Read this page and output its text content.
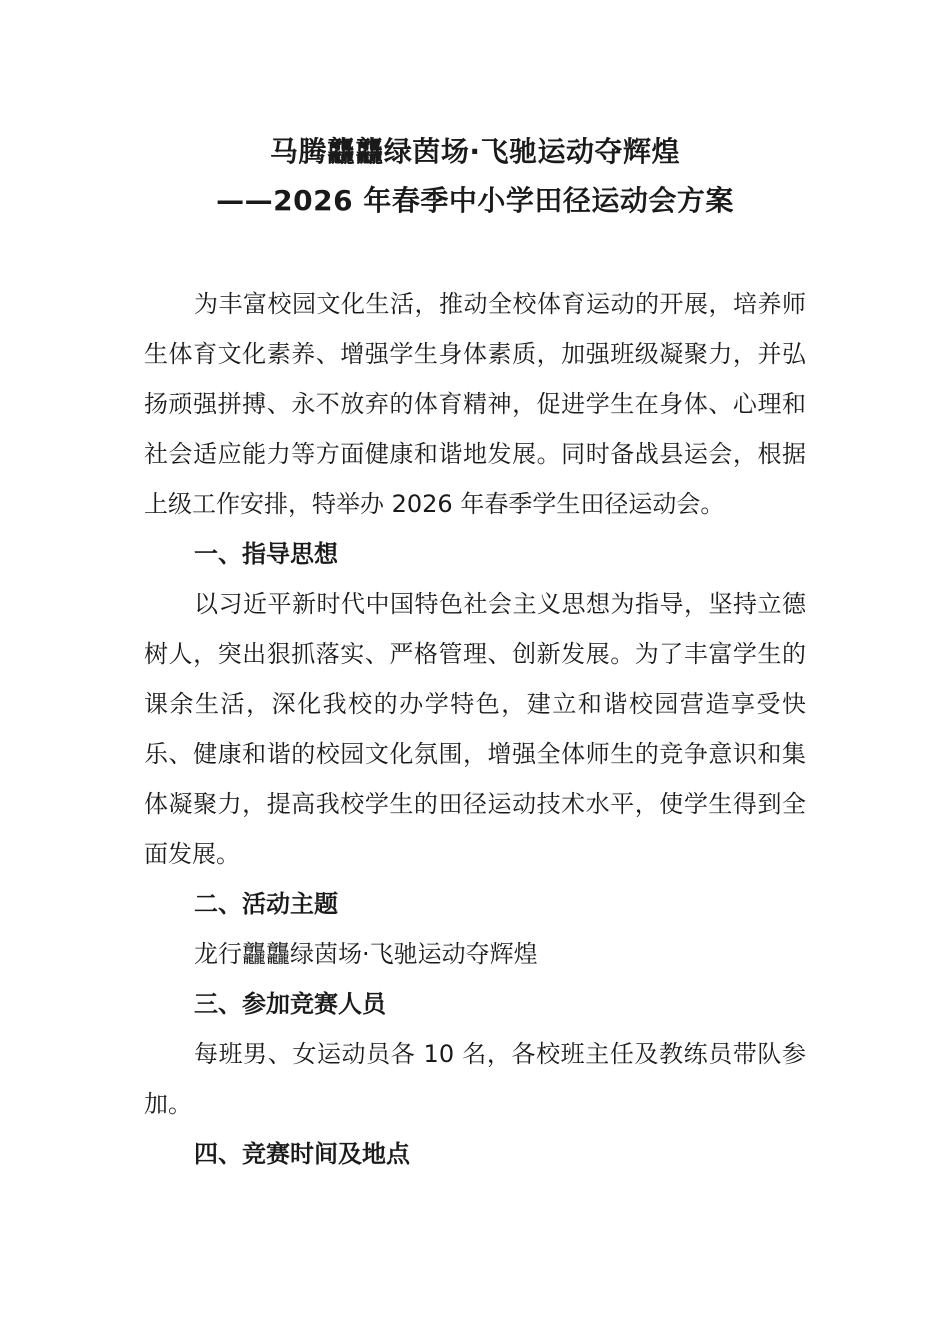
马腾龘龘绿茵场·飞驰运动夺辉煌
——2026 年春季中小学田径运动会方案

为丰富校园文化生活，推动全校体育运动的开展，培养师生体育文化素养、增强学生身体素质，加强班级凝聚力，并弘扬顽强拼搏、永不放弃的体育精神，促进学生在身体、心理和社会适应能力等方面健康和谐地发展。同时备战县运会，根据上级工作安排，特举办 2026 年春季学生田径运动会。

一、指导思想

以习近平新时代中国特色社会主义思想为指导，坚持立德树人，突出狠抓落实、严格管理、创新发展。为了丰富学生的课余生活，深化我校的办学特色，建立和谐校园营造享受快乐、健康和谐的校园文化氛围，增强全体师生的竞争意识和集体凝聚力，提高我校学生的田径运动技术水平，使学生得到全面发展。

二、活动主题

龙行龘龘绿茵场·飞驰运动夺辉煌

三、参加竞赛人员

每班男、女运动员各 10 名，各校班主任及教练员带队参加。

四、竞赛时间及地点
